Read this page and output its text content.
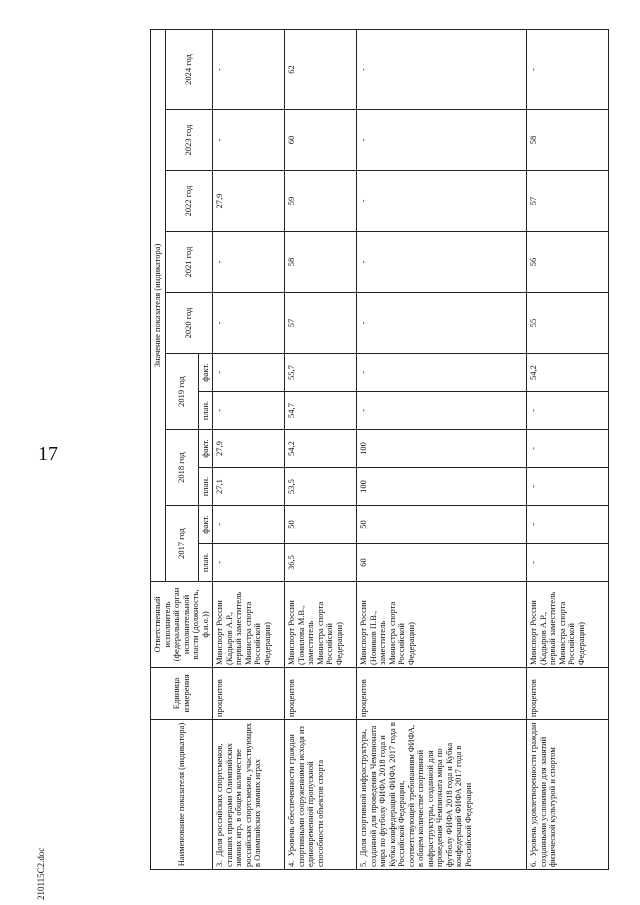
17
210115C2.doc
Наименование показателя (индикатора)	Единица измерения	Ответственный исполнитель (федеральный орган исполнительной власти (должность, ф.и.о.))	Значение показателя (индикатора)										
			2017 год		2018 год		2019 год		2020 год	2021 год	2022 год	2023 год	2024 год
			план.	факт.	план.	факт.	план.	факт.					
3.  Доля российских спортсменов, ставших призерами Олимпийских зимних игр, в общем количестве российских спортсменов, участвующих в Олимпийских зимних играх	процентов	Минспорт России (Кадыров А.Р., первый заместитель Министра спорта Российской Федерации)	-	-	27,1	27,9	-	-	-	-	27,9	-	-
4.  Уровень обеспеченности граждан спортивными сооружениями исходя из единовременной пропускной способности объектов спорта	процентов	Минспорт России (Томилова М.В., заместитель Министра спорта Российской Федерации)	36,5	50	53,5	54,2	54,7	55,7	57	58	59	60	62
5.  Доля спортивной инфраструктуры, созданной для проведения Чемпионата мира по футболу ФИФА 2018 года и Кубка конфедераций ФИФА 2017 года в Российской Федерации, соответствующей требованиям ФИФА, в общем количестве спортивной инфраструктуры, созданной для проведения Чемпионата мира по футболу ФИФА 2018 года и Кубка конфедераций ФИФА 2017 года в Российской Федерации	процентов	Минспорт России (Новиков П.В., заместитель Министра спорта Российской Федерации)	60	50	100	100	-	-	-	-	-	-	-
6.  Уровень удовлетворенности граждан созданными условиями для занятий физической культурой и спортом	процентов	Минспорт России (Кадыров А.Р., первый заместитель Министра спорта Российской Федерации)	-	-	-	-	-	54,2	55	56	57	58	-
